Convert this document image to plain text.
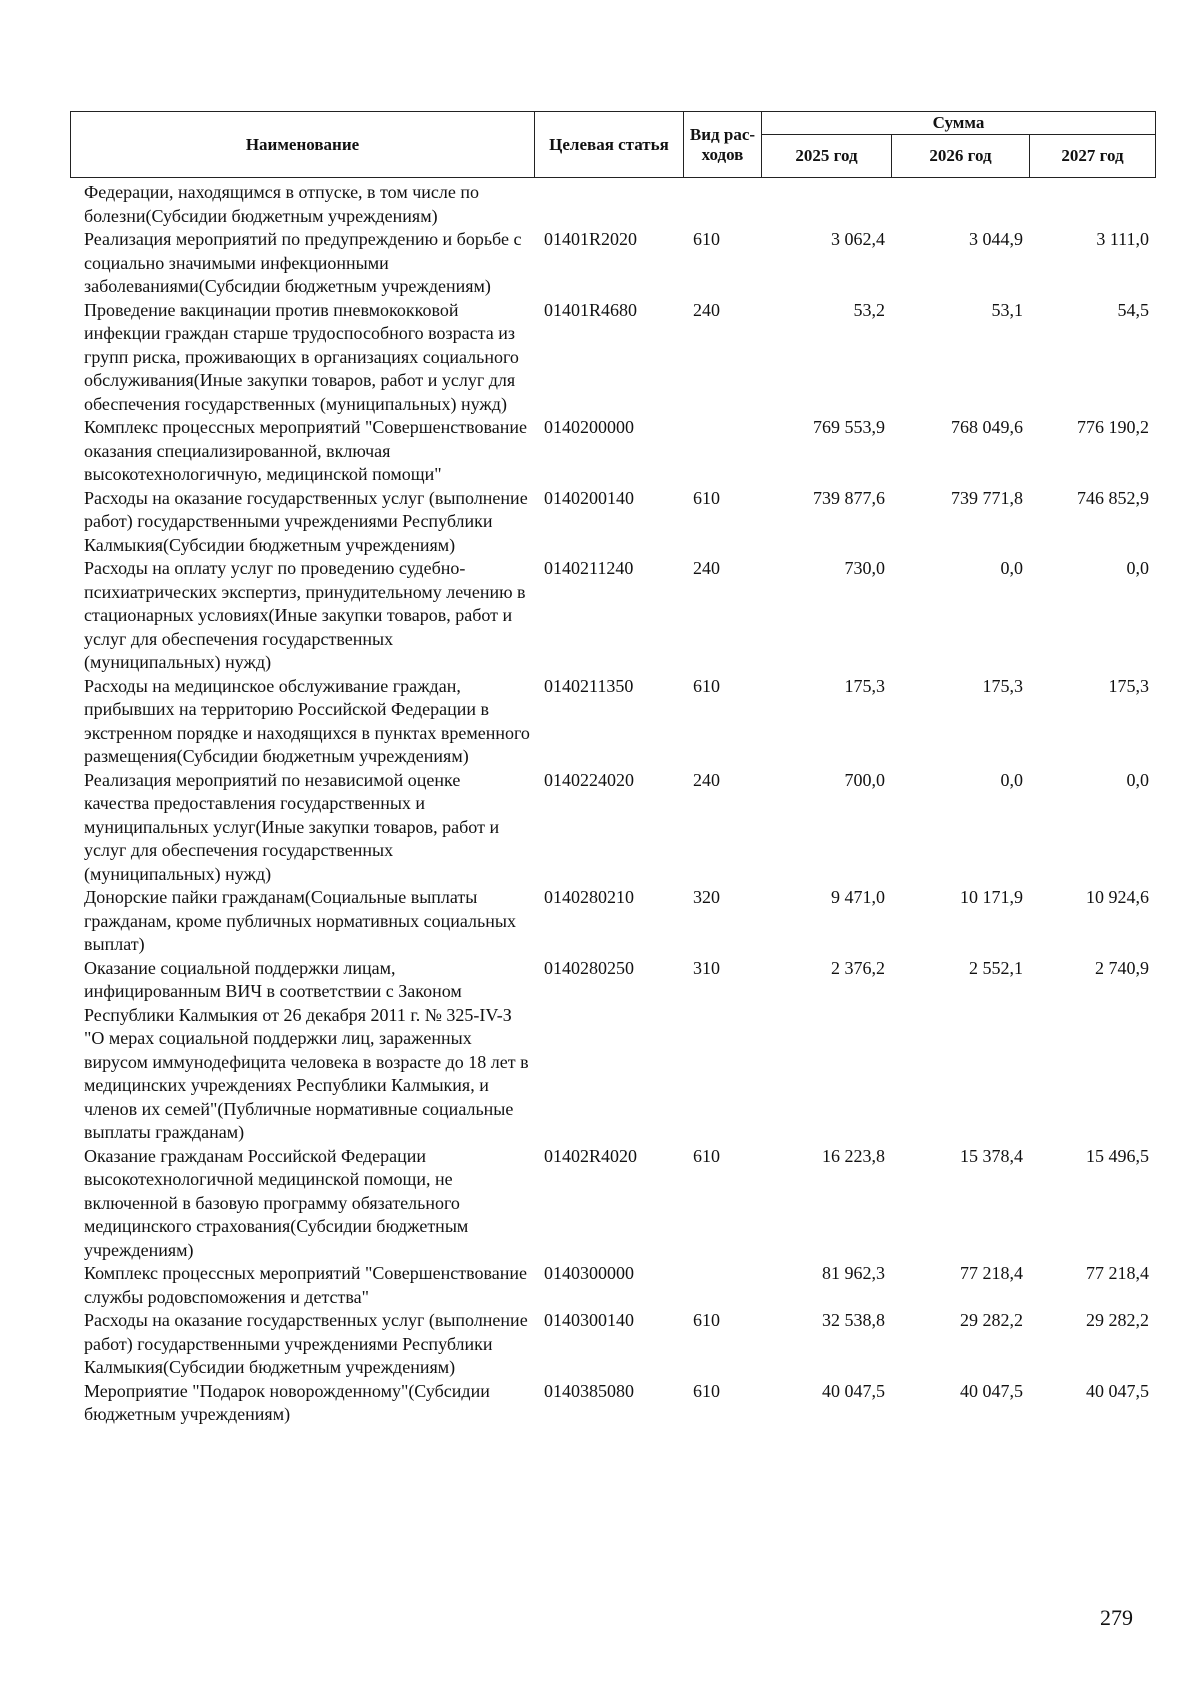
Наименование	Целевая статья	Вид рас-ходов	Сумма		
			2025 год	2026 год	2027 год
Федерации, находящимся в отпуске, в том числе по болезни(Субсидии бюджетным учреждениям)					
Реализация мероприятий по предупреждению и борьбе с социально значимыми инфекционными заболеваниями(Субсидии бюджетным учреждениям)	01401R2020	610	3 062,4	3 044,9	3 111,0
Проведение вакцинации против пневмококковой инфекции граждан старше трудоспособного возраста из групп риска, проживающих в организациях социального обслуживания(Иные закупки товаров, работ и услуг для обеспечения государственных (муниципальных) нужд)	01401R4680	240	53,2	53,1	54,5
Комплекс процессных мероприятий "Совершенствование оказания специализированной, включая высокотехнологичную, медицинской помощи"	0140200000		769 553,9	768 049,6	776 190,2
Расходы на оказание государственных услуг (выполнение работ) государственными учреждениями Республики Калмыкия(Субсидии бюджетным учреждениям)	0140200140	610	739 877,6	739 771,8	746 852,9
Расходы на оплату услуг по проведению судебно-психиатрических экспертиз, принудительному лечению в стационарных условиях(Иные закупки товаров, работ и услуг для обеспечения государственных (муниципальных) нужд)	0140211240	240	730,0	0,0	0,0
Расходы на медицинское обслуживание граждан, прибывших на территорию Российской Федерации в экстренном порядке и находящихся в пунктах временного размещения(Субсидии бюджетным учреждениям)	0140211350	610	175,3	175,3	175,3
Реализация мероприятий по независимой оценке качества предоставления государственных и муниципальных услуг(Иные закупки товаров, работ и услуг для обеспечения государственных (муниципальных) нужд)	0140224020	240	700,0	0,0	0,0
Донорские пайки гражданам(Социальные выплаты гражданам, кроме публичных нормативных социальных выплат)	0140280210	320	9 471,0	10 171,9	10 924,6
Оказание социальной поддержки лицам, инфицированным ВИЧ в соответствии с Законом Республики Калмыкия от 26 декабря 2011 г. № 325-IV-З "О мерах социальной поддержки лиц, зараженных вирусом иммунодефицита человека в возрасте до 18 лет в медицинских учреждениях Республики Калмыкия, и членов их семей"(Публичные нормативные социальные выплаты гражданам)	0140280250	310	2 376,2	2 552,1	2 740,9
Оказание гражданам Российской Федерации высокотехнологичной медицинской помощи, не включенной в базовую программу обязательного медицинского страхования(Субсидии бюджетным учреждениям)	01402R4020	610	16 223,8	15 378,4	15 496,5
Комплекс процессных мероприятий "Совершенствование службы родовспоможения и детства"	0140300000		81 962,3	77 218,4	77 218,4
Расходы на оказание государственных услуг (выполнение работ) государственными учреждениями Республики Калмыкия(Субсидии бюджетным учреждениям)	0140300140	610	32 538,8	29 282,2	29 282,2
Мероприятие "Подарок новорожденному"(Субсидии бюджетным учреждениям)	0140385080	610	40 047,5	40 047,5	40 047,5
279
